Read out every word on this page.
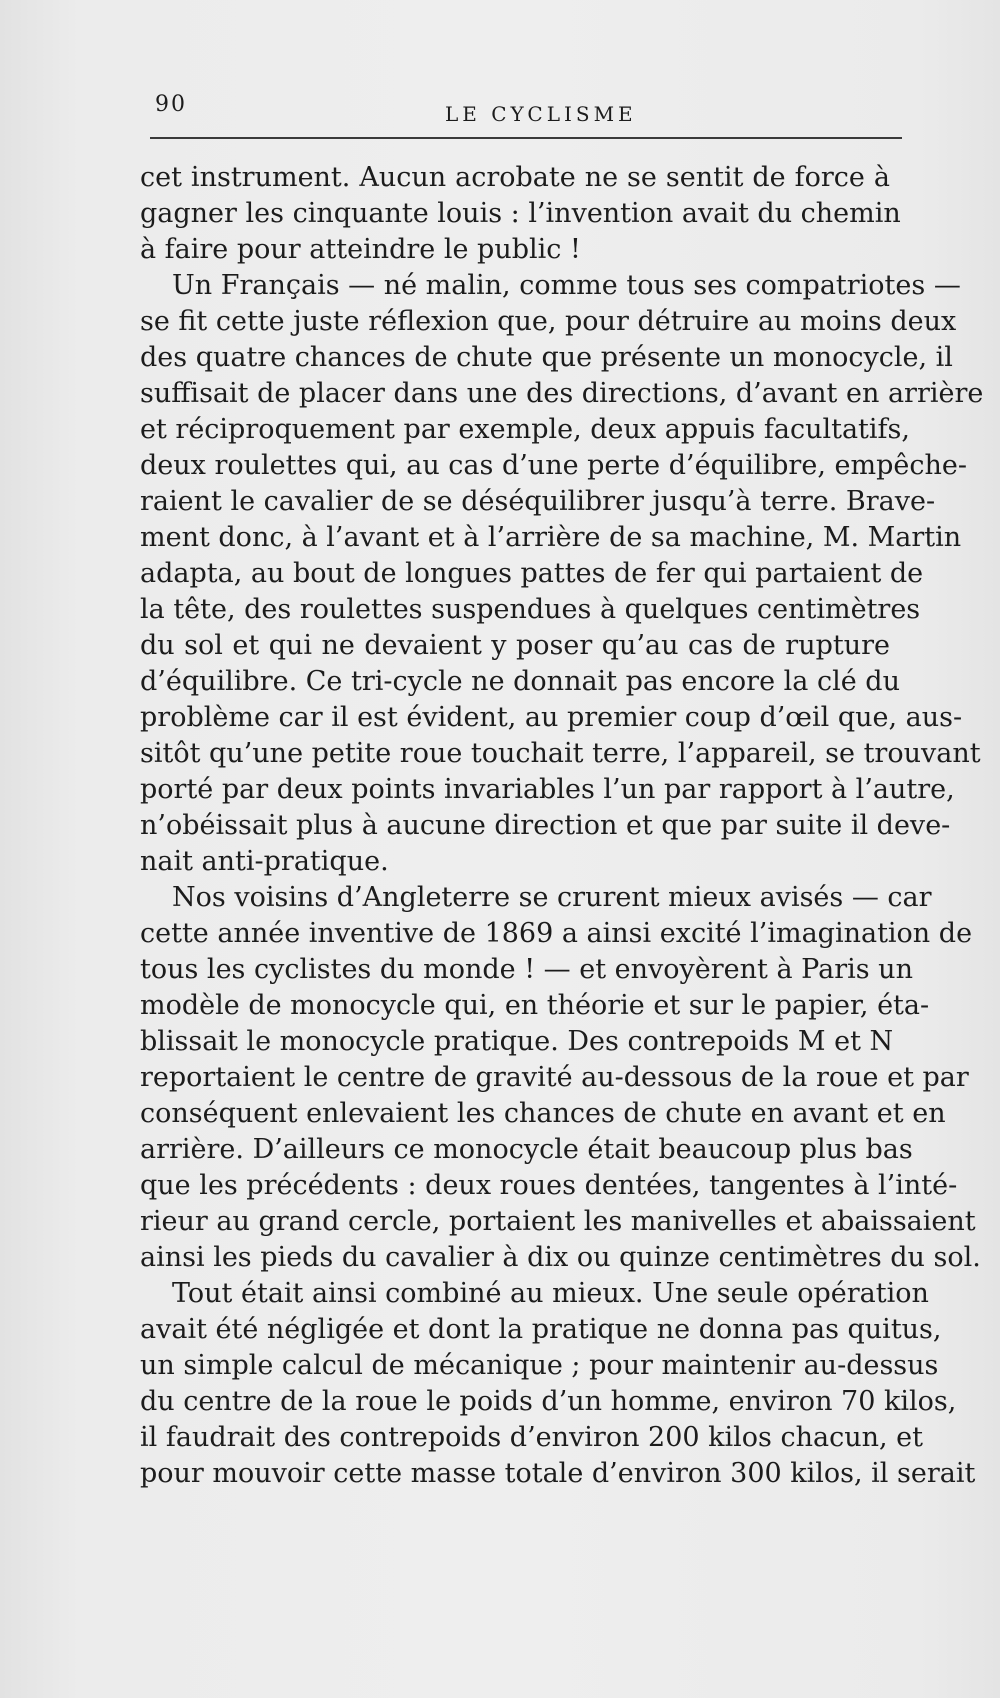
90	LE CYCLISME

cet instrument. Aucun acrobate ne se sentit de force à
gagner les cinquante louis : l’invention avait du chemin
à faire pour atteindre le public !

Un Français — né malin, comme tous ses compatriotes —
se fit cette juste réflexion que, pour détruire au moins deux
des quatre chances de chute que présente un monocycle, il
suffisait de placer dans une des directions, d’avant en arrière
et réciproquement par exemple, deux appuis facultatifs,
deux roulettes qui, au cas d’une perte d’équilibre, empêche-
raient le cavalier de se déséquilibrer jusqu’à terre. Brave-
ment donc, à l’avant et à l’arrière de sa machine, M. Martin
adapta, au bout de longues pattes de fer qui partaient de
la tête, des roulettes suspendues à quelques centimètres
du sol et qui ne devaient y poser qu’au cas de rupture
d’équilibre. Ce tri-cycle ne donnait pas encore la clé du
problème car il est évident, au premier coup d’œil que, aus-
sitôt qu’une petite roue touchait terre, l’appareil, se trouvant
porté par deux points invariables l’un par rapport à l’autre,
n’obéissait plus à aucune direction et que par suite il deve-
nait anti-pratique.

Nos voisins d’Angleterre se crurent mieux avisés — car
cette année inventive de 1869 a ainsi excité l’imagination de
tous les cyclistes du monde ! — et envoyèrent à Paris un
modèle de monocycle qui, en théorie et sur le papier, éta-
blissait le monocycle pratique. Des contrepoids M et N
reportaient le centre de gravité au-dessous de la roue et par
conséquent enlevaient les chances de chute en avant et en
arrière. D’ailleurs ce monocycle était beaucoup plus bas
que les précédents : deux roues dentées, tangentes à l’inté-
rieur au grand cercle, portaient les manivelles et abaissaient
ainsi les pieds du cavalier à dix ou quinze centimètres du sol.

Tout était ainsi combiné au mieux. Une seule opération
avait été négligée et dont la pratique ne donna pas quitus,
un simple calcul de mécanique ; pour maintenir au-dessus
du centre de la roue le poids d’un homme, environ 70 kilos,
il faudrait des contrepoids d’environ 200 kilos chacun, et
pour mouvoir cette masse totale d’environ 300 kilos, il serait
